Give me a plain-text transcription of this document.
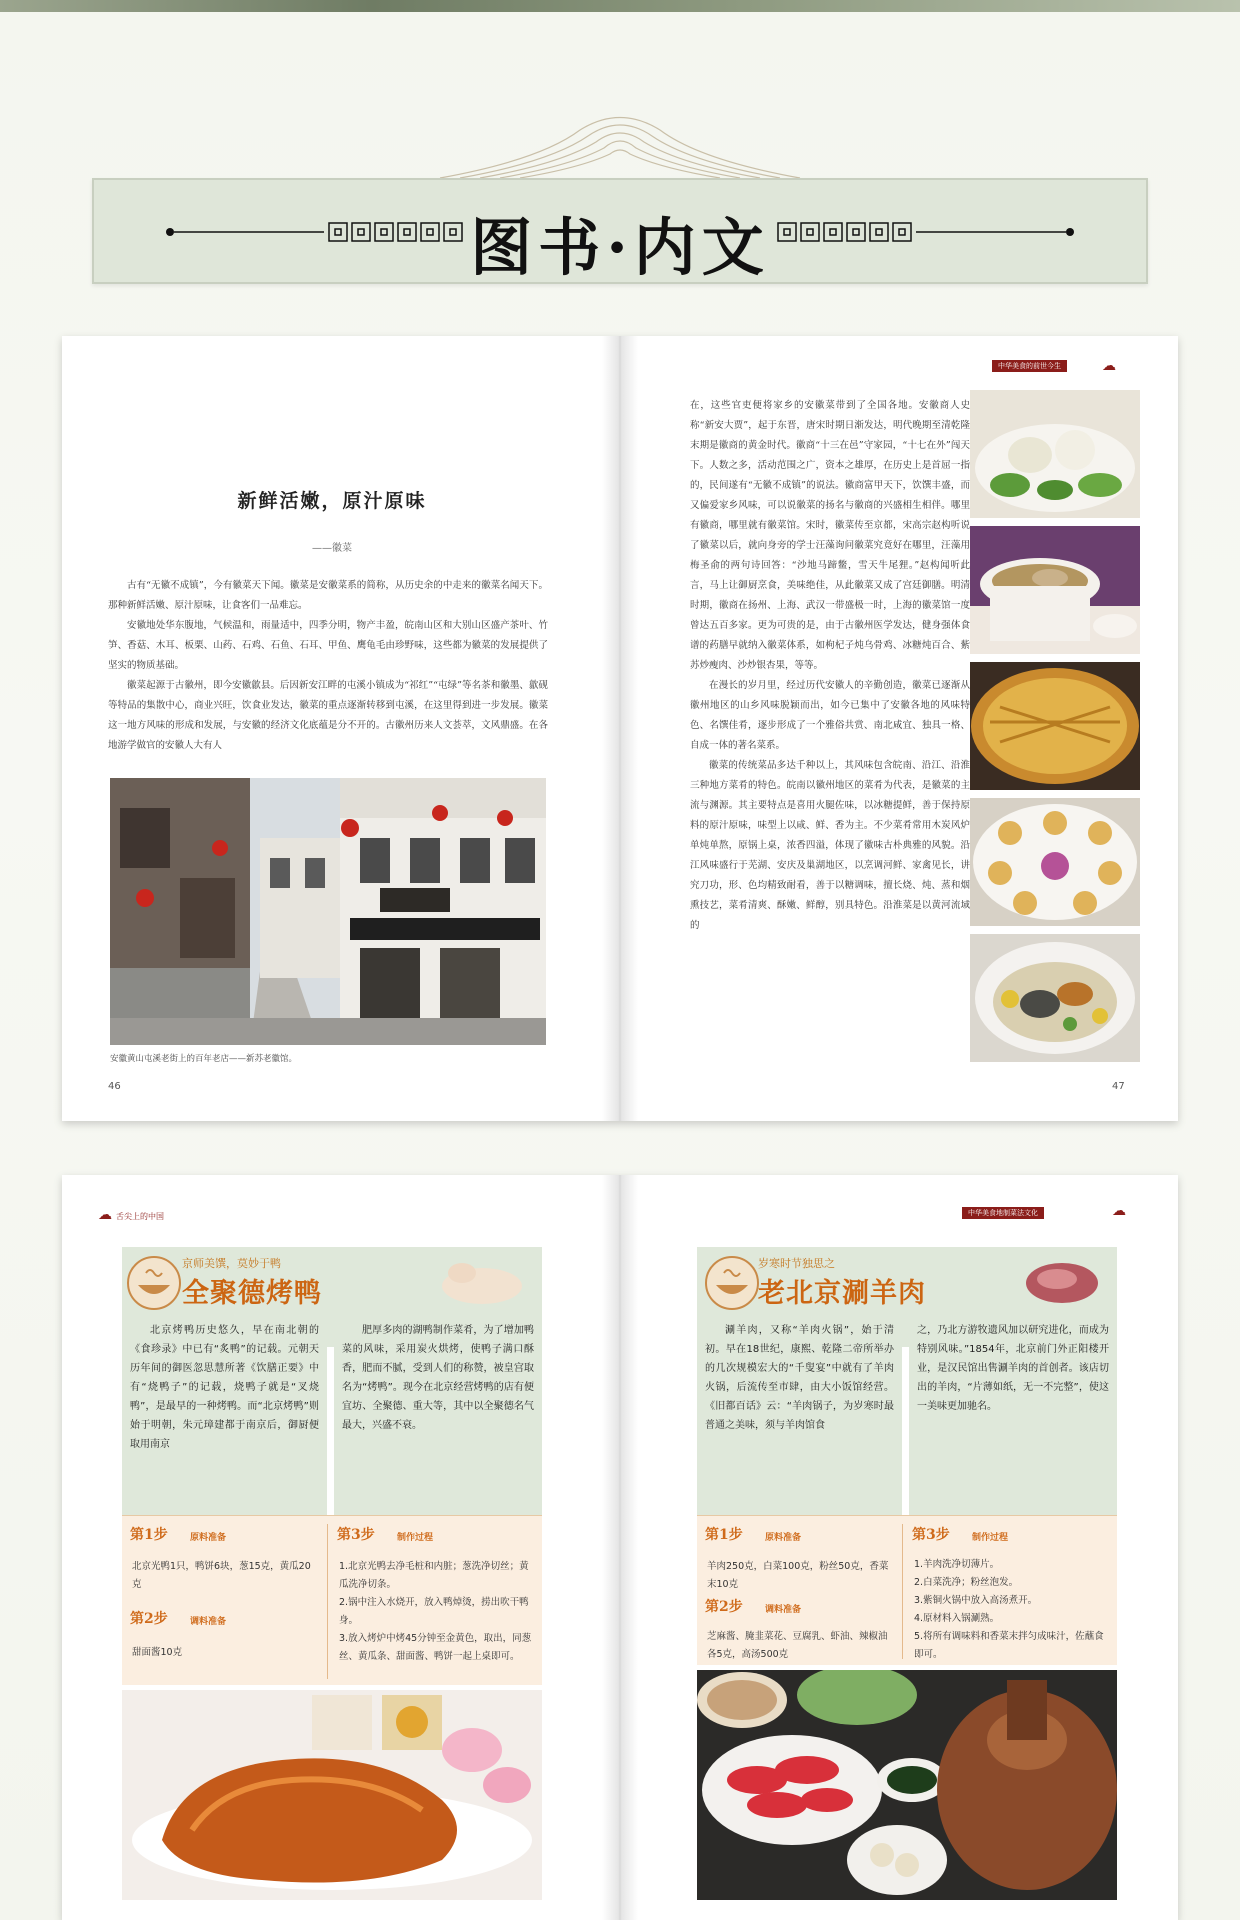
图书·内文
新鲜活嫩，原汁原味
——徽菜

古有“无徽不成镇”，今有徽菜天下闻。徽菜是安徽菜系的简称，从历史余的中走来的徽菜名闻天下。那种新鲜活嫩、原汁原味，让食客们一品难忘。

安徽地处华东腹地，气候温和，雨量适中，四季分明，物产丰盈，皖南山区和大别山区盛产茶叶、竹笋、香菇、木耳、板栗、山药、石鸡、石鱼、石耳、甲鱼、鹰龟毛由珍野味，这些都为徽菜的发展提供了坚实的物质基础。

徽菜起源于古徽州，即今安徽歙县。后因新安江畔的屯溪小镇成为“祁红”“屯绿”等名茶和徽墨、歙砚等特品的集散中心，商业兴旺，饮食业发达，徽菜的重点逐渐转移到屯溪，在这里得到进一步发展。徽菜这一地方风味的形成和发展，与安徽的经济文化底蕴是分不开的。古徽州历来人文荟萃，文风鼎盛。在各地游学做官的安徽人大有人

安徽黄山屯溪老街上的百年老店——新苏老徽馆。
46
中华美食的前世今生	☁

在，这些官吏便将家乡的安徽菜带到了全国各地。安徽商人史称“新安大贾”，起于东晋，唐宋时期日渐发达，明代晚期至清乾隆末期是徽商的黄金时代。徽商“十三在邑”守家园，“十七在外”闯天下。人数之多，活动范围之广，资本之雄厚，在历史上是首屈一指的，民间遂有“无徽不成镇”的说法。徽商富甲天下，饮馔丰盛，而又偏爱家乡风味，可以说徽菜的扬名与徽商的兴盛相生相伴。哪里有徽商，哪里就有徽菜馆。宋时，徽菜传至京都，宋高宗赵构听说了徽菜以后，就向身旁的学士汪藻询问徽菜究竟好在哪里，汪藻用梅圣俞的两句诗回答：“沙地马蹄鳖，雪天牛尾狸。”赵构闻听此言，马上让御厨烹食，美味绝佳，从此徽菜又成了宫廷御膳。明清时期，徽商在扬州、上海、武汉一带盛极一时，上海的徽菜馆一度曾达五百多家。更为可贵的是，由于古徽州医学发达，健身强体食谱的药膳早就纳入徽菜体系，如枸杞子炖乌骨鸡、冰糖炖百合、紫苏炒瘦肉、沙炒银杏果，等等。

在漫长的岁月里，经过历代安徽人的辛勤创造，徽菜已逐渐从徽州地区的山乡风味脱颖而出，如今已集中了安徽各地的风味特色、名馔佳肴，逐步形成了一个雅俗共赏、南北咸宜、独具一格、自成一体的著名菜系。

徽菜的传统菜品多达千种以上，其风味包含皖南、沿江、沿淮三种地方菜肴的特色。皖南以徽州地区的菜肴为代表，是徽菜的主流与渊源。其主要特点是喜用火腿佐味，以冰糖提鲜，善于保持原料的原汁原味，味型上以咸、鲜、香为主。不少菜肴常用木炭风炉单炖单熬，原锅上桌，浓香四溢，体现了徽味古朴典雅的风貌。沿江风味盛行于芜湖、安庆及巢湖地区，以烹调河鲜、家禽见长，讲究刀功，形、色均精致耐看，善于以糖调味，擅长烧、炖、蒸和烟熏技艺，菜肴清爽、酥嫩、鲜醇，别具特色。沿淮菜是以黄河流域的

47
☁ 舌尖上的中国
京师美馔，莫妙于鸭
全聚德烤鸭
北京烤鸭历史悠久，早在南北朝的《食珍录》中已有“炙鸭”的记载。元朝天历年间的御医忽思慧所著《饮膳正要》中有“烧鸭子”的记载，烧鸭子就是“叉烧鸭”，是最早的一种烤鸭。而“北京烤鸭”则始于明朝，朱元璋建都于南京后，御厨便取用南京
肥厚多肉的湖鸭制作菜肴，为了增加鸭菜的风味，采用炭火烘烤，使鸭子满口酥香，肥而不腻，受到人们的称赞，被皇宫取名为“烤鸭”。现今在北京经营烤鸭的店有便宜坊、全聚德、重大等，其中以全聚德名气最大，兴盛不衰。
第1步 原料准备
北京光鸭1只，鸭饼6块，葱15克，黄瓜20克
第2步 调料准备
甜面酱10克
第3步 制作过程
1.北京光鸭去净毛桩和内脏；葱洗净切丝；黄瓜洗净切条。
2.锅中注入水烧开，放入鸭焯烫，捞出吹干鸭身。
3.放入烤炉中烤45分钟至金黄色，取出，同葱丝、黄瓜条、甜面酱、鸭饼一起上桌即可。
中华美食地制菜法文化	☁
岁寒时节独思之
老北京涮羊肉
涮羊肉，又称“羊肉火锅”，始于清初。早在18世纪，康熙、乾隆二帝所举办的几次规模宏大的“千叟宴”中就有了羊肉火锅，后流传至市肆，由大小饭馆经营。《旧都百话》云：“羊肉锅子，为岁寒时最普通之美味，须与羊肉馆食
之，乃北方游牧遗风加以研究进化，而成为特别风味。”1854年，北京前门外正阳楼开业，是汉民馆出售涮羊肉的首创者。该店切出的羊肉，“片薄如纸，无一不完整”，使这一美味更加驰名。
第1步 原料准备
羊肉250克，白菜100克，粉丝50克，香菜末10克
第2步 调料准备
芝麻酱、腌韭菜花、豆腐乳、虾油、辣椒油各5克，高汤500克
第3步 制作过程
1.羊肉洗净切薄片。
2.白菜洗净；粉丝泡发。
3.紫铜火锅中放入高汤煮开。
4.原材料入锅涮熟。
5.将所有调味料和香菜末拌匀成味汁，佐蘸食即可。
